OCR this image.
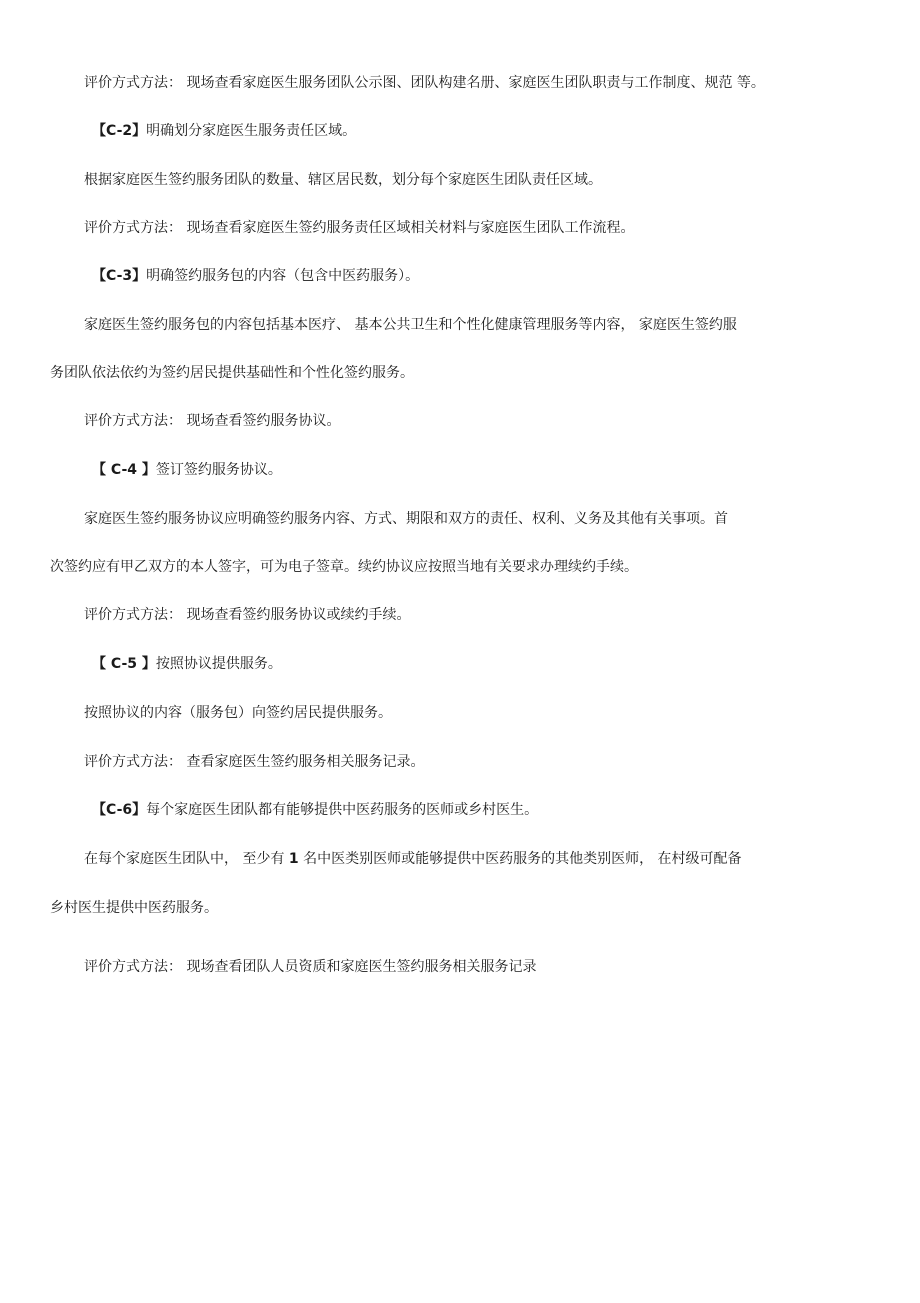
评价方式方法： 现场查看家庭医生服务团队公示图、团队构建名册、家庭医生团队职责与工作制度、规范 等。
【C-2】明确划分家庭医生服务责任区域。
根据家庭医生签约服务团队的数量、辖区居民数，划分每个家庭医生团队责任区域。
评价方式方法： 现场查看家庭医生签约服务责任区域相关材料与家庭医生团队工作流程。
【C-3】明确签约服务包的内容（包含中医药服务）。
家庭医生签约服务包的内容包括基本医疗、 基本公共卫生和个性化健康管理服务等内容， 家庭医生签约服
务团队依法依约为签约居民提供基础性和个性化签约服务。
评价方式方法： 现场查看签约服务协议。
【 C-4 】签订签约服务协议。
家庭医生签约服务协议应明确签约服务内容、方式、期限和双方的责任、权利、义务及其他有关事项。首
次签约应有甲乙双方的本人签字，可为电子签章。续约协议应按照当地有关要求办理续约手续。
评价方式方法： 现场查看签约服务协议或续约手续。
【 C-5 】按照协议提供服务。
按照协议的内容（服务包）向签约居民提供服务。
评价方式方法： 查看家庭医生签约服务相关服务记录。
【C-6】每个家庭医生团队都有能够提供中医药服务的医师或乡村医生。
在每个家庭医生团队中， 至少有 1 名中医类别医师或能够提供中医药服务的其他类别医师， 在村级可配备
乡村医生提供中医药服务。
评价方式方法： 现场查看团队人员资质和家庭医生签约服务相关服务记录
